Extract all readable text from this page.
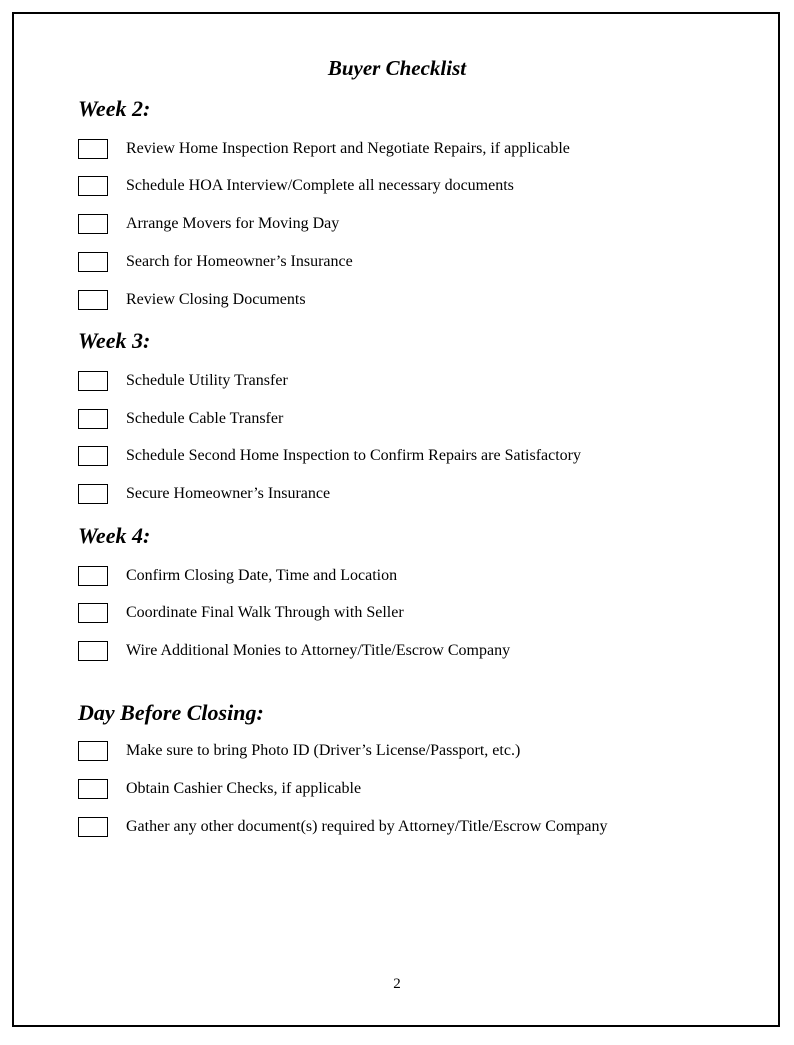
Buyer Checklist
Week 2:
Review Home Inspection Report and Negotiate Repairs, if applicable
Schedule HOA Interview/Complete all necessary documents
Arrange Movers for Moving Day
Search for Homeowner’s Insurance
Review Closing Documents
Week 3:
Schedule Utility Transfer
Schedule Cable Transfer
Schedule Second Home Inspection to Confirm Repairs are Satisfactory
Secure Homeowner’s Insurance
Week 4:
Confirm Closing Date, Time and Location
Coordinate Final Walk Through with Seller
Wire Additional Monies to Attorney/Title/Escrow Company
Day Before Closing:
Make sure to bring Photo ID (Driver’s License/Passport, etc.)
Obtain Cashier Checks, if applicable
Gather any other document(s) required by Attorney/Title/Escrow Company
2
